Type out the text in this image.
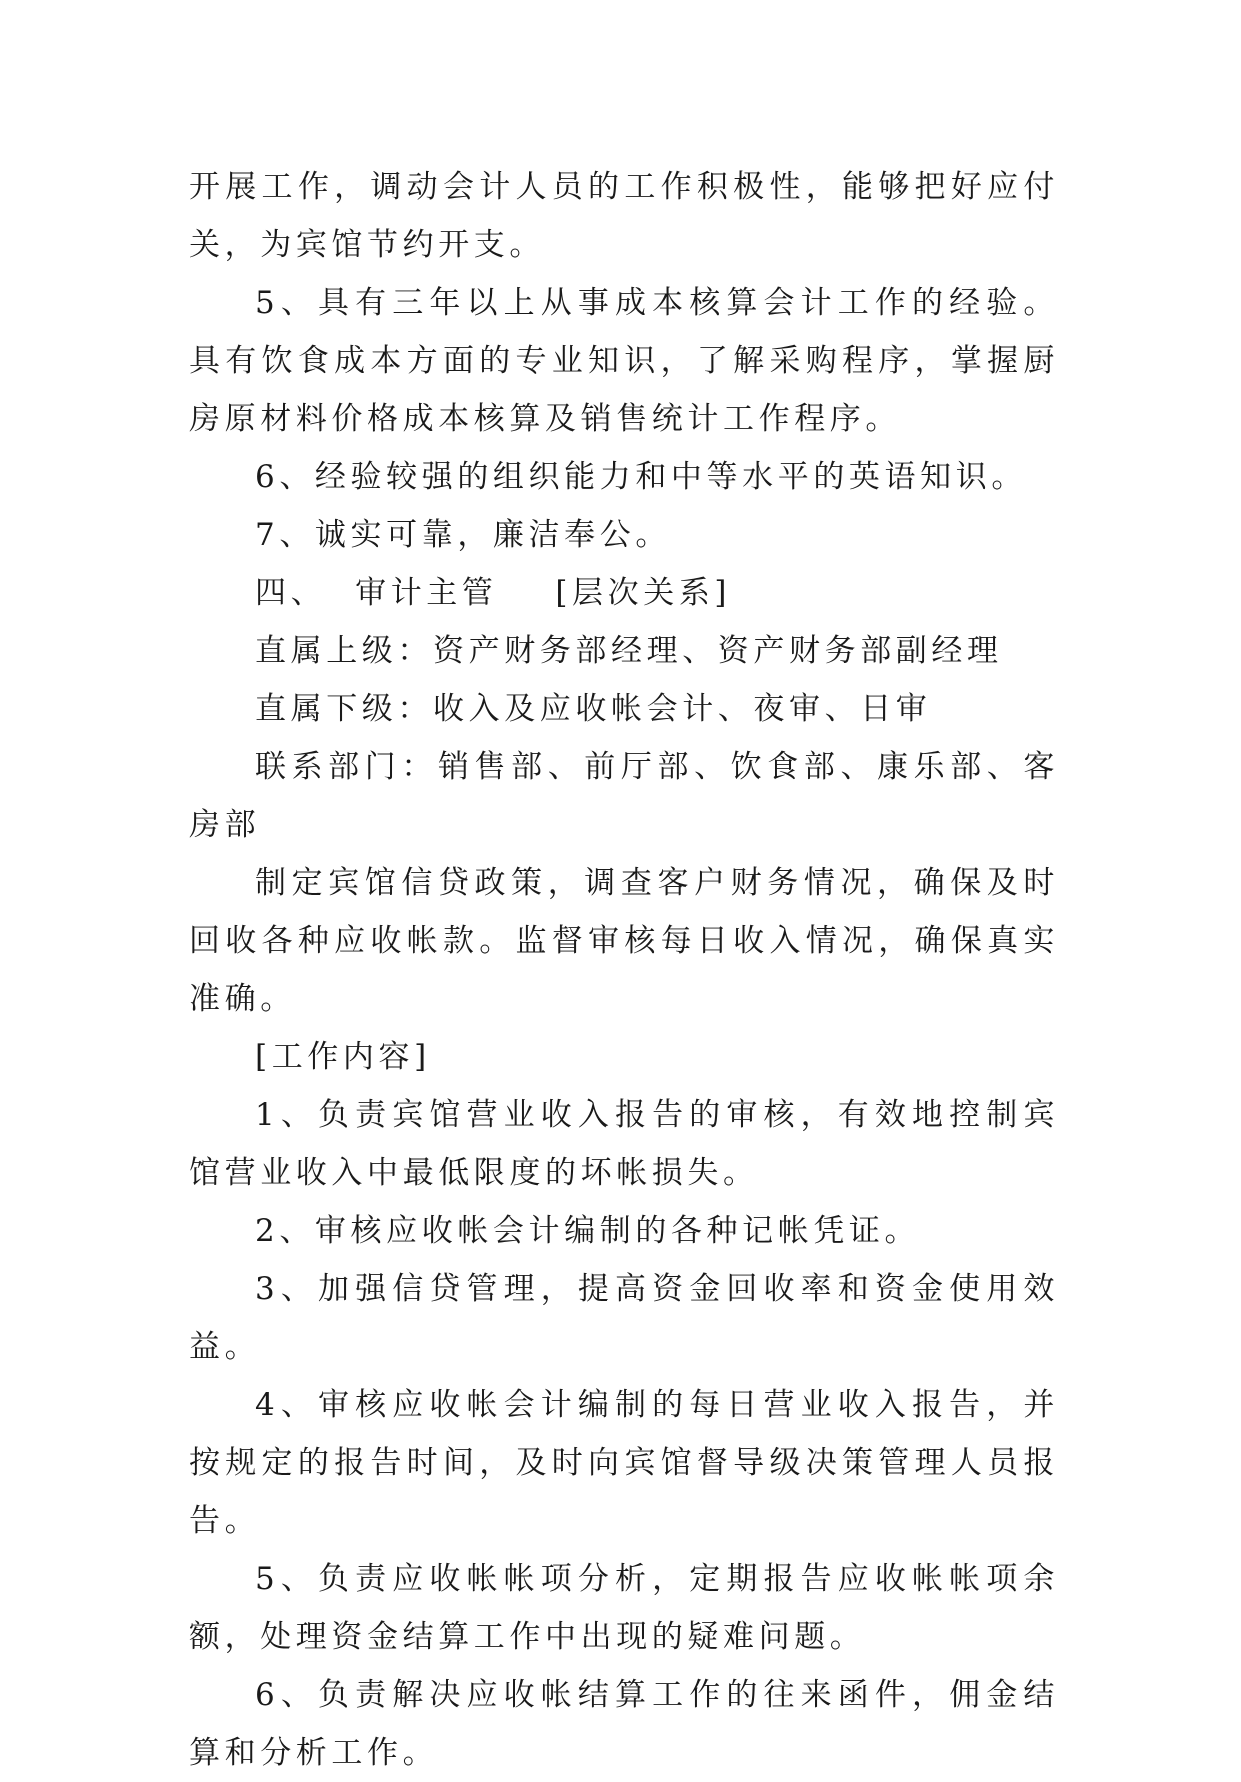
开展工作，调动会计人员的工作积极性，能够把好应付关，为宾馆节约开支。

5、具有三年以上从事成本核算会计工作的经验。具有饮食成本方面的专业知识，了解采购程序，掌握厨房原材料价格成本核算及销售统计工作程序。

6、经验较强的组织能力和中等水平的英语知识。

7、诚实可靠，廉洁奉公。

四、  审计主管    [层次关系]

直属上级：资产财务部经理、资产财务部副经理

直属下级：收入及应收帐会计、夜审、日审

联系部门：销售部、前厅部、饮食部、康乐部、客房部

制定宾馆信贷政策，调查客户财务情况，确保及时回收各种应收帐款。监督审核每日收入情况，确保真实准确。

[工作内容]

1、负责宾馆营业收入报告的审核，有效地控制宾馆营业收入中最低限度的坏帐损失。

2、审核应收帐会计编制的各种记帐凭证。

3、加强信贷管理，提高资金回收率和资金使用效益。

4、审核应收帐会计编制的每日营业收入报告，并按规定的报告时间，及时向宾馆督导级决策管理人员报告。

5、负责应收帐帐项分析，定期报告应收帐帐项余额，处理资金结算工作中出现的疑难问题。

6、负责解决应收帐结算工作的往来函件，佣金结算和分析工作。
